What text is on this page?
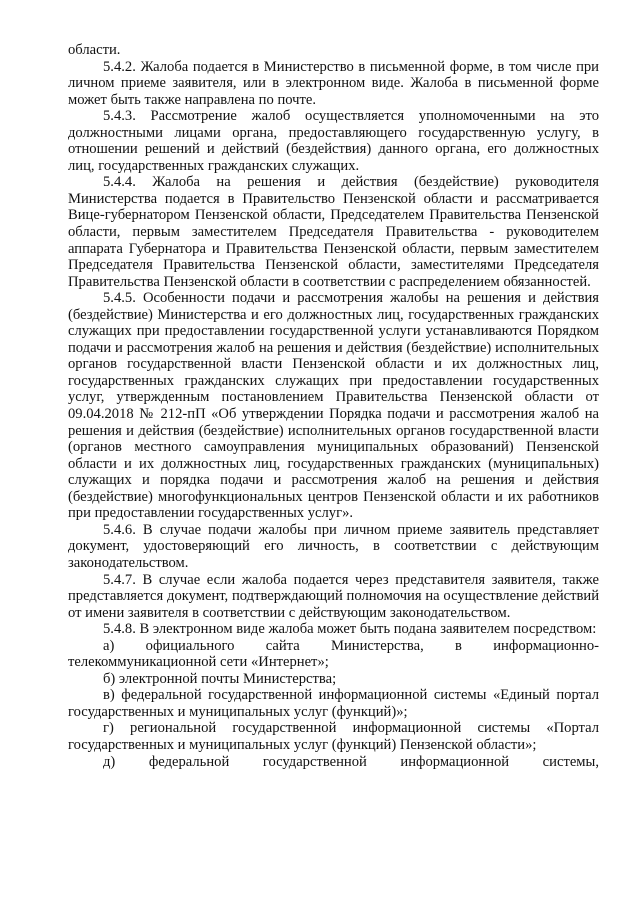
области.

5.4.2. Жалоба подается в Министерство в письменной форме, в том числе при личном приеме заявителя, или в электронном виде. Жалоба в письменной форме может быть также направлена по почте.

5.4.3. Рассмотрение жалоб осуществляется уполномоченными на это должностными лицами органа, предоставляющего государственную услугу, в отношении решений и действий (бездействия) данного органа, его должностных лиц, государственных гражданских служащих.

5.4.4. Жалоба на решения и действия (бездействие) руководителя Министерства подается в Правительство Пензенской области и рассматривается Вице-губернатором Пензенской области, Председателем Правительства Пензенской области, первым заместителем Председателя Правительства - руководителем аппарата Губернатора и Правительства Пензенской области, первым заместителем Председателя Правительства Пензенской области, заместителями Председателя Правительства Пензенской области в соответствии с распределением обязанностей.

5.4.5. Особенности подачи и рассмотрения жалобы на решения и действия (бездействие) Министерства и его должностных лиц, государственных гражданских служащих при предоставлении государственной услуги устанавливаются Порядком подачи и рассмотрения жалоб на решения и действия (бездействие) исполнительных органов государственной власти Пензенской области и их должностных лиц, государственных гражданских служащих при предоставлении государственных услуг, утвержденным постановлением Правительства Пензенской области от 09.04.2018 № 212-пП «Об утверждении Порядка подачи и рассмотрения жалоб на решения и действия (бездействие) исполнительных органов государственной власти (органов местного самоуправления муниципальных образований) Пензенской области и их должностных лиц, государственных гражданских (муниципальных) служащих и порядка подачи и рассмотрения жалоб на решения и действия (бездействие) многофункциональных центров Пензенской области и их работников при предоставлении государственных услуг».

5.4.6. В случае подачи жалобы при личном приеме заявитель представляет документ, удостоверяющий его личность, в соответствии с действующим законодательством.

5.4.7. В случае если жалоба подается через представителя заявителя, также представляется документ, подтверждающий полномочия на осуществление действий от имени заявителя в соответствии с действующим законодательством.

5.4.8. В электронном виде жалоба может быть подана заявителем посредством:

а) официального сайта Министерства, в информационно-телекоммуникационной сети «Интернет»;

б) электронной почты Министерства;

в) федеральной государственной информационной системы «Единый портал государственных и муниципальных услуг (функций)»;

г) региональной государственной информационной системы «Портал государственных и муниципальных услуг (функций) Пензенской области»;

д) федеральной государственной информационной системы,
